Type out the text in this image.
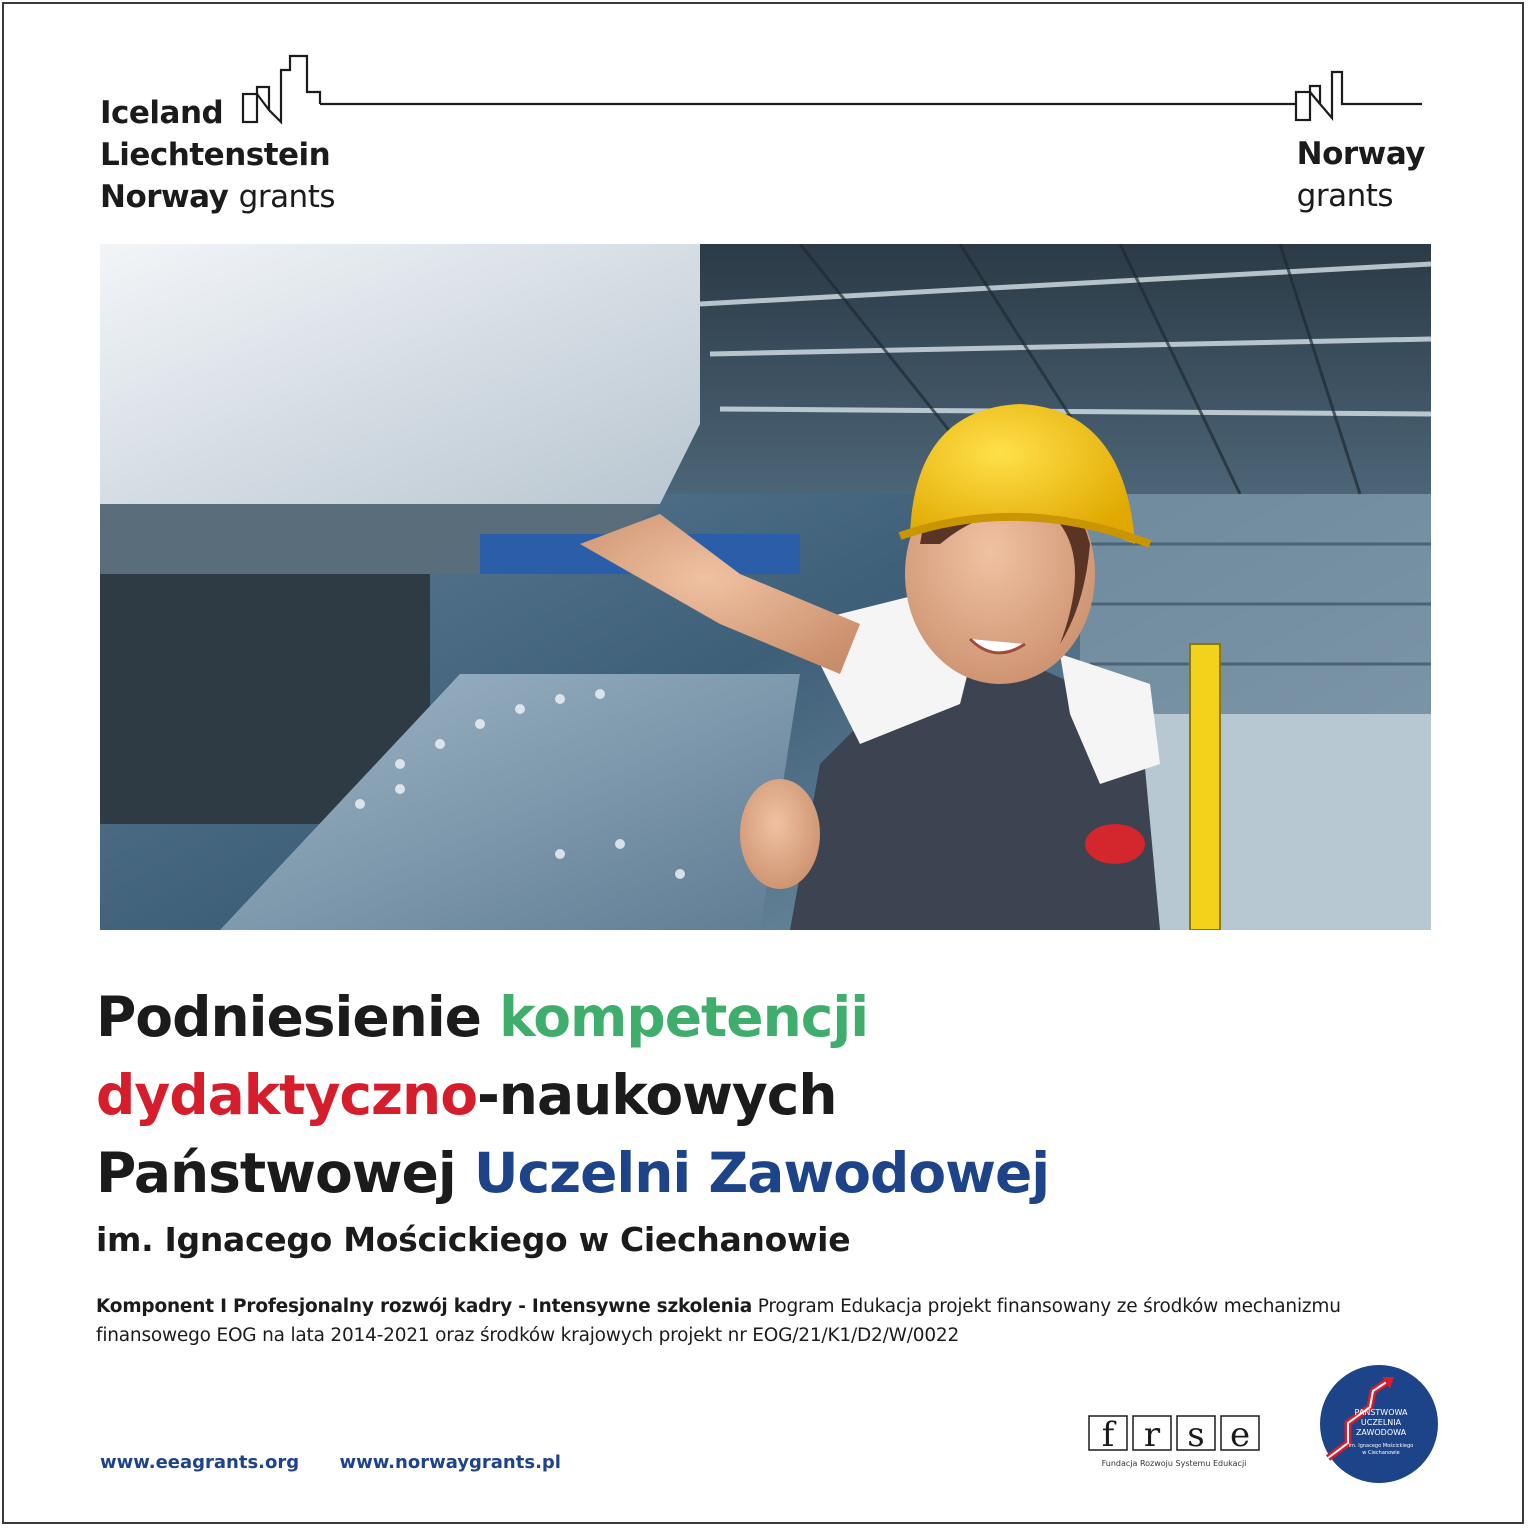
Iceland
Liechtenstein
Norway grants
Norway
grants
Podniesienie kompetencji
dydaktyczno-naukowych
Państwowej Uczelni Zawodowej
im. Ignacego Mościckiego w Ciechanowie
Komponent I Profesjonalny rozwój kadry - Intensywne szkolenia Program Edukacja projekt finansowany ze środków mechanizmu finansowego EOG na lata 2014-2021 oraz środków krajowych projekt nr EOG/21/K1/D2/W/0022
www.eeagrants.org www.norwaygrants.pl
f r s e
Fundacja Rozwoju Systemu Edukacji
PAŃSTWOWA
UCZELNIA
ZAWODOWA
im. Ignacego Mościckiego
w Ciechanowie
